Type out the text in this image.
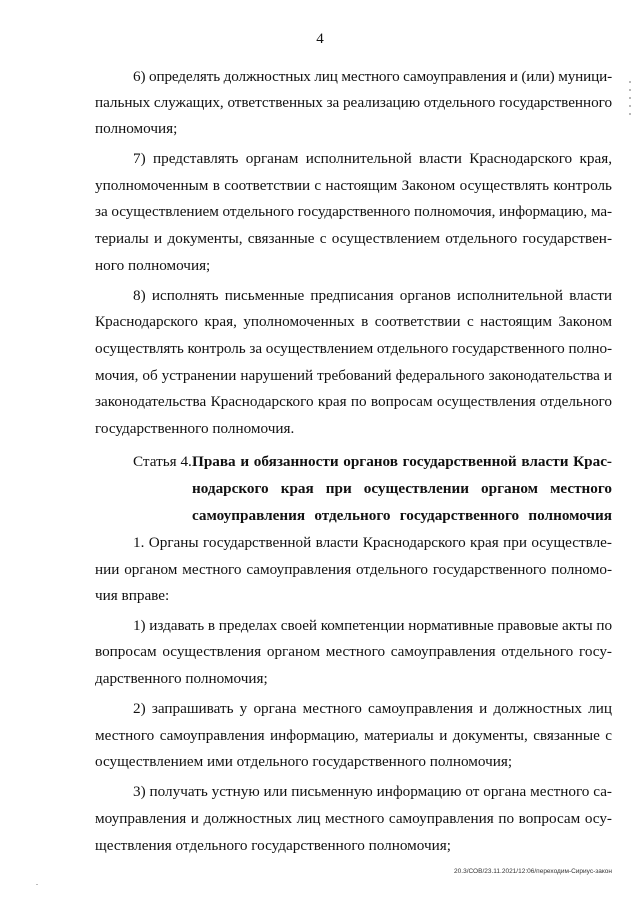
4
6) определять должностных лиц местного самоуправления и (или) муници-
пальных служащих, ответственных за реализацию отдельного государственного
полномочия;
7) представлять органам исполнительной власти Краснодарского края,
уполномоченным в соответствии с настоящим Законом осуществлять контроль
за осуществлением отдельного государственного полномочия, информацию, ма-
териалы и документы, связанные с осуществлением отдельного государствен-
ного полномочия;
8) исполнять письменные предписания органов исполнительной власти
Краснодарского края, уполномоченных в соответствии с настоящим Законом
осуществлять контроль за осуществлением отдельного государственного полно-
мочия, об устранении нарушений требований федерального законодательства и
законодательства Краснодарского края по вопросам осуществления отдельного
государственного полномочия.
Статья 4. Права и обязанности органов государственной власти Крас-
нодарского края при осуществлении органом местного
самоуправления отдельного государственного полномочия
1. Органы государственной власти Краснодарского края при осуществле-
нии органом местного самоуправления отдельного государственного полномо-
чия вправе:
1) издавать в пределах своей компетенции нормативные правовые акты по
вопросам осуществления органом местного самоуправления отдельного госу-
дарственного полномочия;
2) запрашивать у органа местного самоуправления и должностных лиц
местного самоуправления информацию, материалы и документы, связанные с
осуществлением ими отдельного государственного полномочия;
3) получать устную или письменную информацию от органа местного са-
моуправления и должностных лиц местного самоуправления по вопросам осу-
ществления отдельного государственного полномочия;
20.3/СОВ/23.11.2021/12:06/переходим-Сириус-закон
